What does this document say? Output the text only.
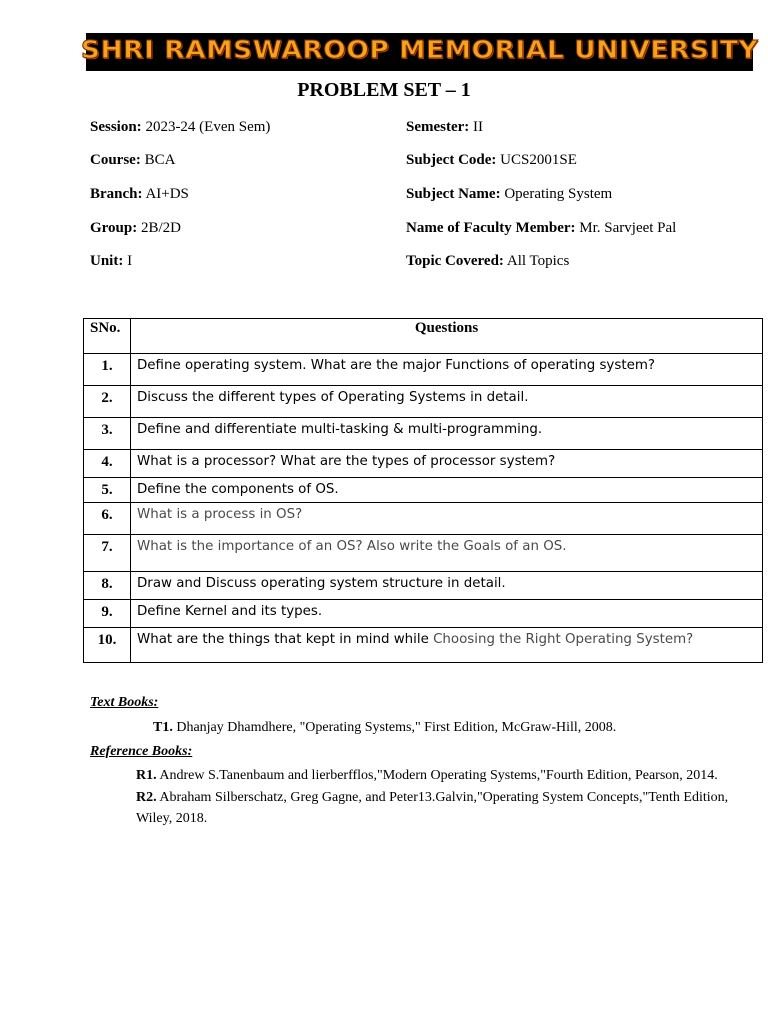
SHRI RAMSWAROOP MEMORIAL UNIVERSITY
PROBLEM SET – 1
Session: 2023-24 (Even Sem)	Semester: II
Course: BCA	Subject Code: UCS2001SE
Branch: AI+DS	Subject Name: Operating System
Group: 2B/2D	Name of Faculty Member: Mr. Sarvjeet Pal
Unit: I	Topic Covered: All Topics
SNo.	Questions
1.	Define operating system. What are the major Functions of operating system?
2.	Discuss the different types of Operating Systems in detail.
3.	Define and differentiate multi-tasking & multi-programming.
4.	What is a processor? What are the types of processor system?
5.	Define the components of OS.
6.	What is a process in OS?
7.	What is the importance of an OS? Also write the Goals of an OS.
8.	Draw and Discuss operating system structure in detail.
9.	Define Kernel and its types.
10.	What are the things that kept in mind while Choosing the Right Operating System?
Text Books:
T1. Dhanjay Dhamdhere, "Operating Systems," First Edition, McGraw-Hill, 2008.
Reference Books:
R1. Andrew S.Tanenbaum and lierberfflos,"Modern Operating Systems,"Fourth Edition, Pearson, 2014.
R2. Abraham Silberschatz, Greg Gagne, and Peter13.Galvin,"Operating System Concepts,"Tenth Edition,
Wiley, 2018.
